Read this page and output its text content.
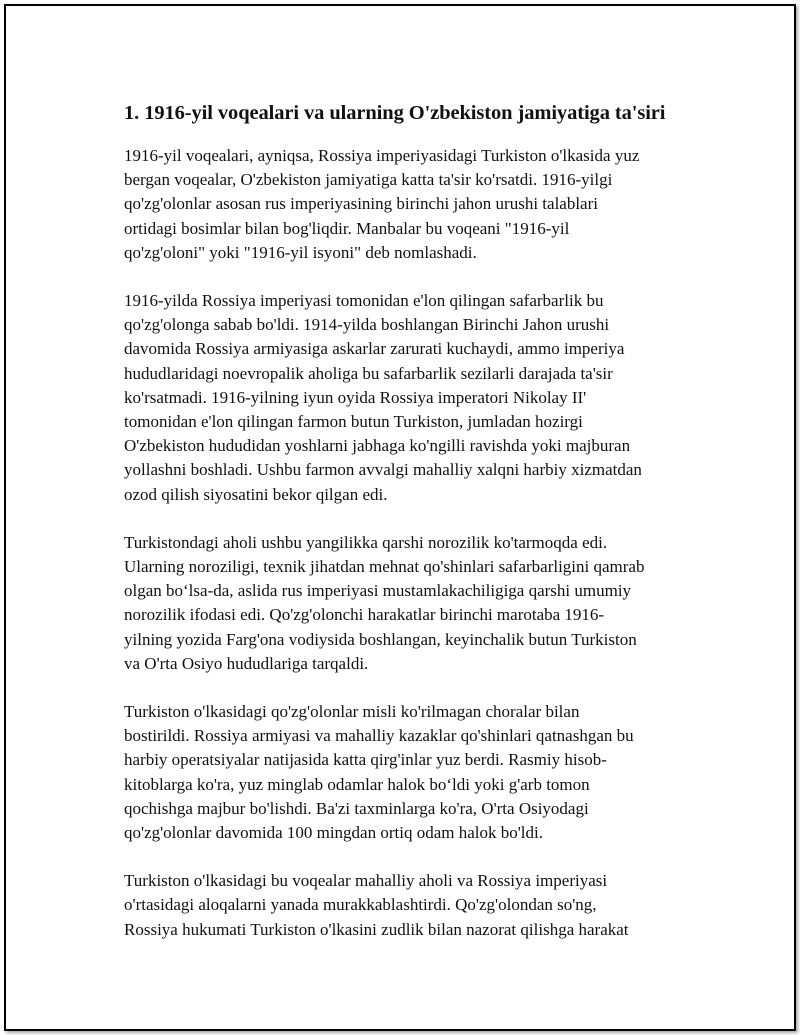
1. 1916-yil voqealari va ularning O'zbekiston jamiyatiga ta'siri

1916-yil voqealari, ayniqsa, Rossiya imperiyasidagi Turkiston o'lkasida yuz
bergan voqealar, O'zbekiston jamiyatiga katta ta'sir ko'rsatdi. 1916-yilgi
qo'zg'olonlar asosan rus imperiyasining birinchi jahon urushi talablari
ortidagi bosimlar bilan bog'liqdir. Manbalar bu voqeani "1916-yil
qo'zg'oloni" yoki "1916-yil isyoni" deb nomlashadi.

1916-yilda Rossiya imperiyasi tomonidan e'lon qilingan safarbarlik bu
qo'zg'olonga sabab bo'ldi. 1914-yilda boshlangan Birinchi Jahon urushi
davomida Rossiya armiyasiga askarlar zarurati kuchaydi, ammo imperiya
hududlaridagi noevropalik aholiga bu safarbarlik sezilarli darajada ta'sir
ko'rsatmadi. 1916-yilning iyun oyida Rossiya imperatori Nikolay II'
tomonidan e'lon qilingan farmon butun Turkiston, jumladan hozirgi
O'zbekiston hududidan yoshlarni jabhaga ko'ngilli ravishda yoki majburan
yollashni boshladi. Ushbu farmon avvalgi mahalliy xalqni harbiy xizmatdan
ozod qilish siyosatini bekor qilgan edi.

Turkistondagi aholi ushbu yangilikka qarshi norozilik ko'tarmoqda edi.
Ularning noroziligi, texnik jihatdan mehnat qo'shinlari safarbarligini qamrab
olgan bo‘lsa-da, aslida rus imperiyasi mustamlakachiligiga qarshi umumiy
norozilik ifodasi edi. Qo'zg'olonchi harakatlar birinchi marotaba 1916-
yilning yozida Farg'ona vodiysida boshlangan, keyinchalik butun Turkiston
va O'rta Osiyo hududlariga tarqaldi.

Turkiston o'lkasidagi qo'zg'olonlar misli ko'rilmagan choralar bilan
bostirildi. Rossiya armiyasi va mahalliy kazaklar qo'shinlari qatnashgan bu
harbiy operatsiyalar natijasida katta qirg'inlar yuz berdi. Rasmiy hisob-
kitoblarga ko'ra, yuz minglab odamlar halok bo‘ldi yoki g'arb tomon
qochishga majbur bo'lishdi. Ba'zi taxminlarga ko'ra, O'rta Osiyodagi
qo'zg'olonlar davomida 100 mingdan ortiq odam halok bo'ldi.

Turkiston o'lkasidagi bu voqealar mahalliy aholi va Rossiya imperiyasi
o'rtasidagi aloqalarni yanada murakkablashtirdi. Qo'zg'olondan so'ng,
Rossiya hukumati Turkiston o'lkasini zudlik bilan nazorat qilishga harakat
